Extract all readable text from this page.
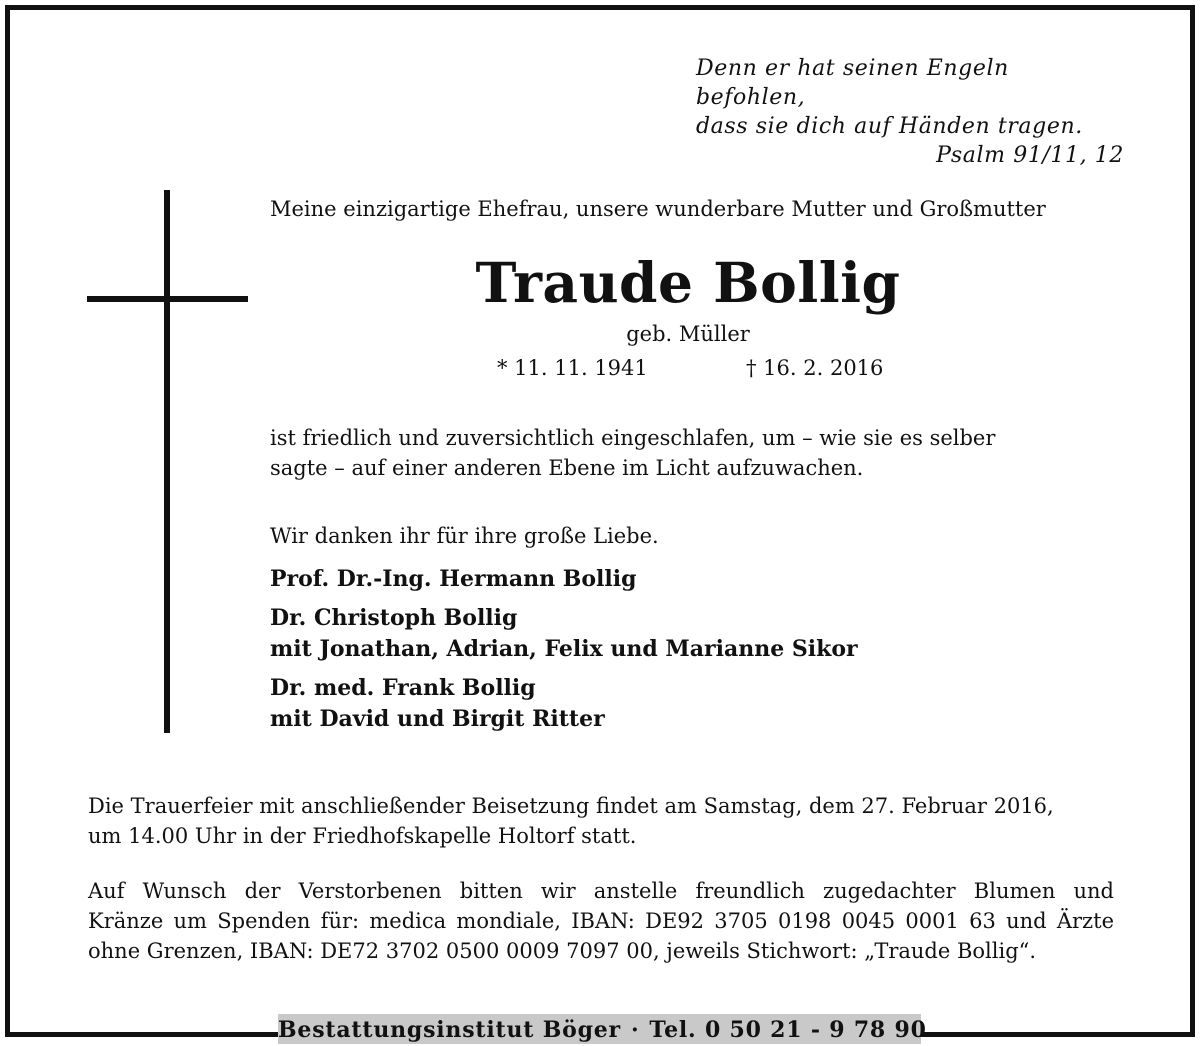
Denn er hat seinen Engeln befohlen,
dass sie dich auf Händen tragen.
Psalm 91/11, 12
Meine einzigartige Ehefrau, unsere wunderbare Mutter und Großmutter
Traude Bollig
geb. Müller
* 11. 11. 1941	† 16. 2. 2016
ist friedlich und zuversichtlich eingeschlafen, um – wie sie es selber
sagte – auf einer anderen Ebene im Licht aufzuwachen.
Wir danken ihr für ihre große Liebe.
Prof. Dr.-Ing. Hermann Bollig
Dr. Christoph Bollig
mit Jonathan, Adrian, Felix und Marianne Sikor
Dr. med. Frank Bollig
mit David und Birgit Ritter
Die Trauerfeier mit anschließender Beisetzung findet am Samstag, dem 27. Februar 2016,
um 14.00 Uhr in der Friedhofskapelle Holtorf statt.
Auf Wunsch der Verstorbenen bitten wir anstelle freundlich zugedachter Blumen und
Kränze um Spenden für: medica mondiale, IBAN: DE92 3705 0198 0045 0001 63 und Ärzte
ohne Grenzen, IBAN: DE72 3702 0500 0009 7097 00, jeweils Stichwort: „Traude Bollig“.
Bestattungsinstitut Böger · Tel. 0 50 21 - 9 78 90
